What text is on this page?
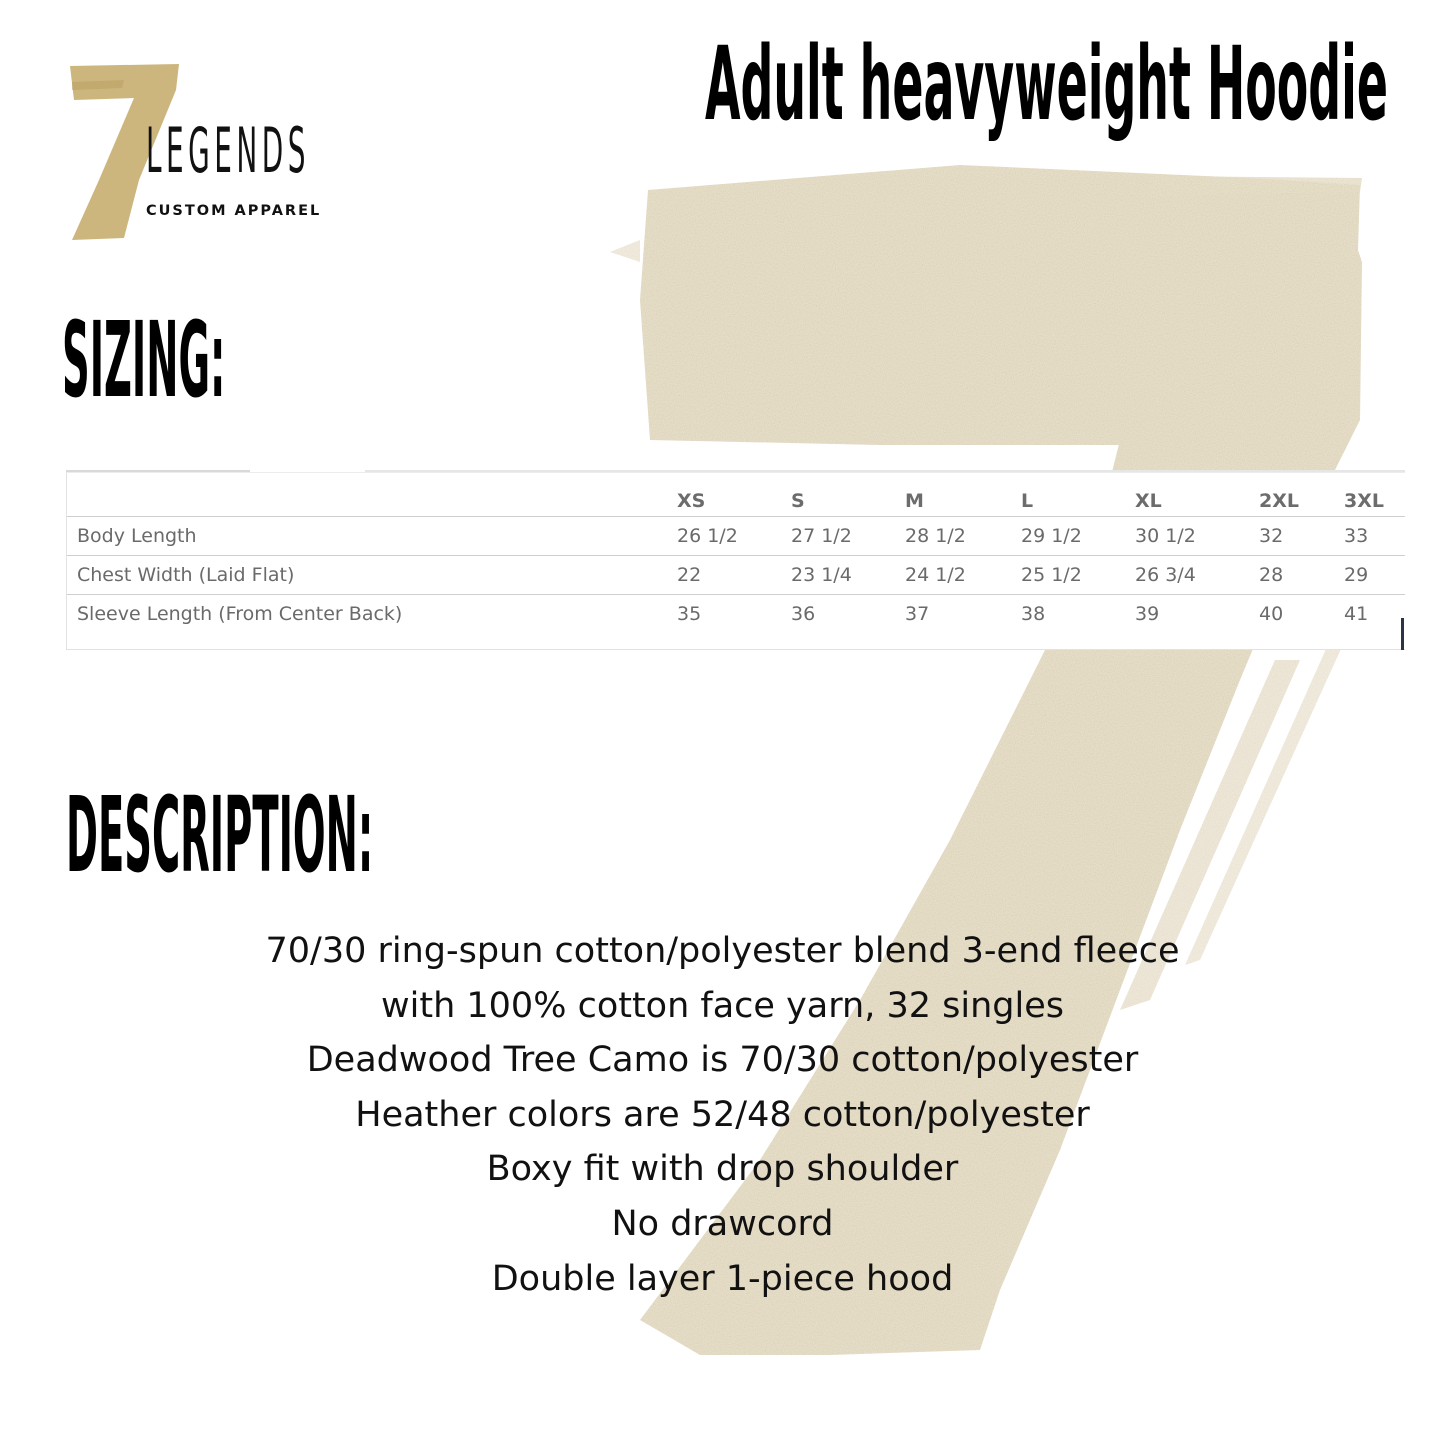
LEGENDS
CUSTOM APPAREL
Adult heavyweight Hoodie
SIZING:
	XS	S	M	L	XL	2XL	3XL
Body Length	26 1/2	27 1/2	28 1/2	29 1/2	30 1/2	32	33
Chest Width (Laid Flat)	22	23 1/4	24 1/2	25 1/2	26 3/4	28	29
Sleeve Length (From Center Back)	35	36	37	38	39	40	41
DESCRIPTION:
70/30 ring-spun cotton/polyester blend 3-end fleece
with 100% cotton face yarn, 32 singles
Deadwood Tree Camo is 70/30 cotton/polyester
Heather colors are 52/48 cotton/polyester
Boxy fit with drop shoulder
No drawcord
Double layer 1-piece hood
